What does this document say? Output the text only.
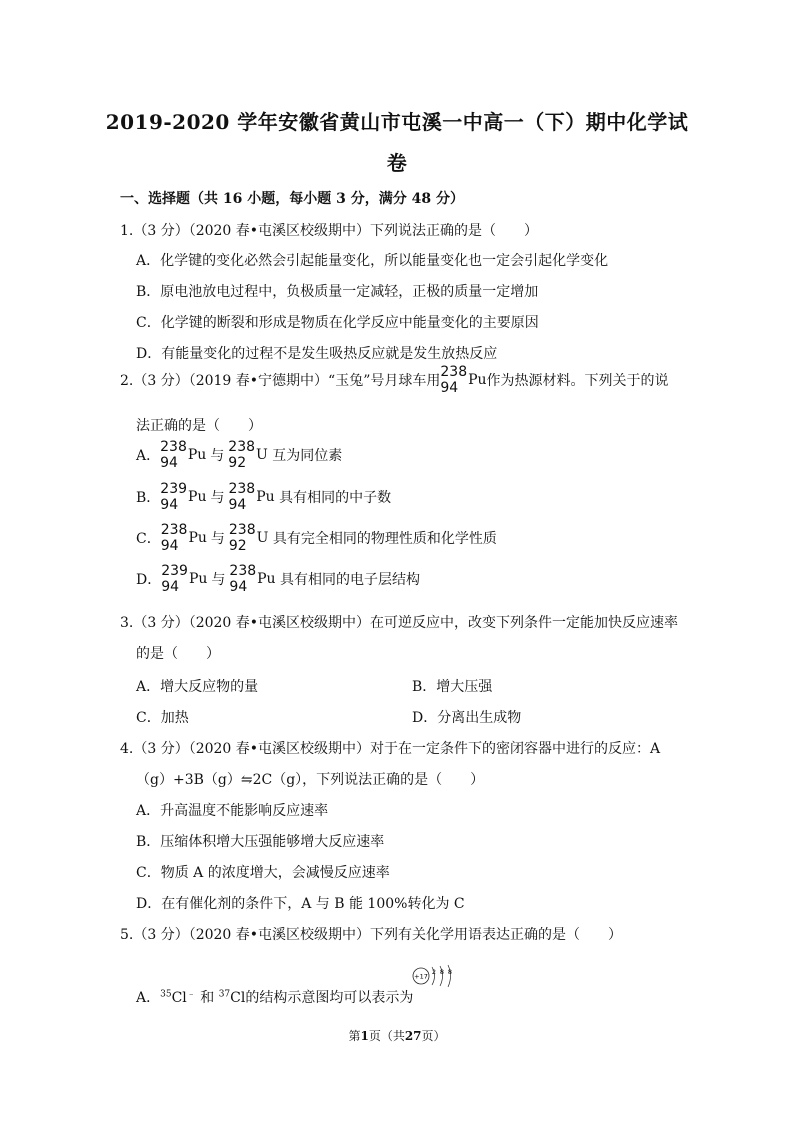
2019-2020 学年安徽省黄山市屯溪一中高一（下）期中化学试
卷
一、选择题（共 16 小题，每小题 3 分，满分 48 分）
1.（3 分）（2020 春•屯溪区校级期中）下列说法正确的是（　　）
A．化学键的变化必然会引起能量变化，所以能量变化也一定会引起化学变化
B．原电池放电过程中，负极质量一定减轻，正极的质量一定增加
C．化学键的断裂和形成是物质在化学反应中能量变化的主要原因
D．有能量变化的过程不是发生吸热反应就是发生放热反应
2.（3 分）（2019 春•宁德期中）“玉兔”号月球车用
238
94 Pu作为热源材料。下列关于的说
法正确的是（　　）
A．
238
94 Pu 与
238
92 U 互为同位素
B．
239
94 Pu 与
238
94 Pu 具有相同的中子数
C．
238
94 Pu 与
238
92 U 具有完全相同的物理性质和化学性质
D．
239
94 Pu 与
238
94 Pu 具有相同的电子层结构
3.（3 分）（2020 春•屯溪区校级期中）在可逆反应中，改变下列条件一定能加快反应速率
的是（　　）
A．增大反应物的量	B．增大压强
C．加热	D．分离出生成物
4.（3 分）（2020 春•屯溪区校级期中）对于在一定条件下的密闭容器中进行的反应：A
（g）+3B（g）⇋2C（g），下列说法正确的是（　　）
A．升高温度不能影响反应速率
B．压缩体积增大压强能够增大反应速率
C．物质 A 的浓度增大，会减慢反应速率
D．在有催化剂的条件下，A 与 B 能 100%转化为 C
5.（3 分）（2020 春•屯溪区校级期中）下列有关化学用语表达正确的是（　　）
A．$^{35}$Cl﹣ 和 $^{37}$Cl的结构示意图均可以表示为
+17
2 8 8
第1页（共27页）
